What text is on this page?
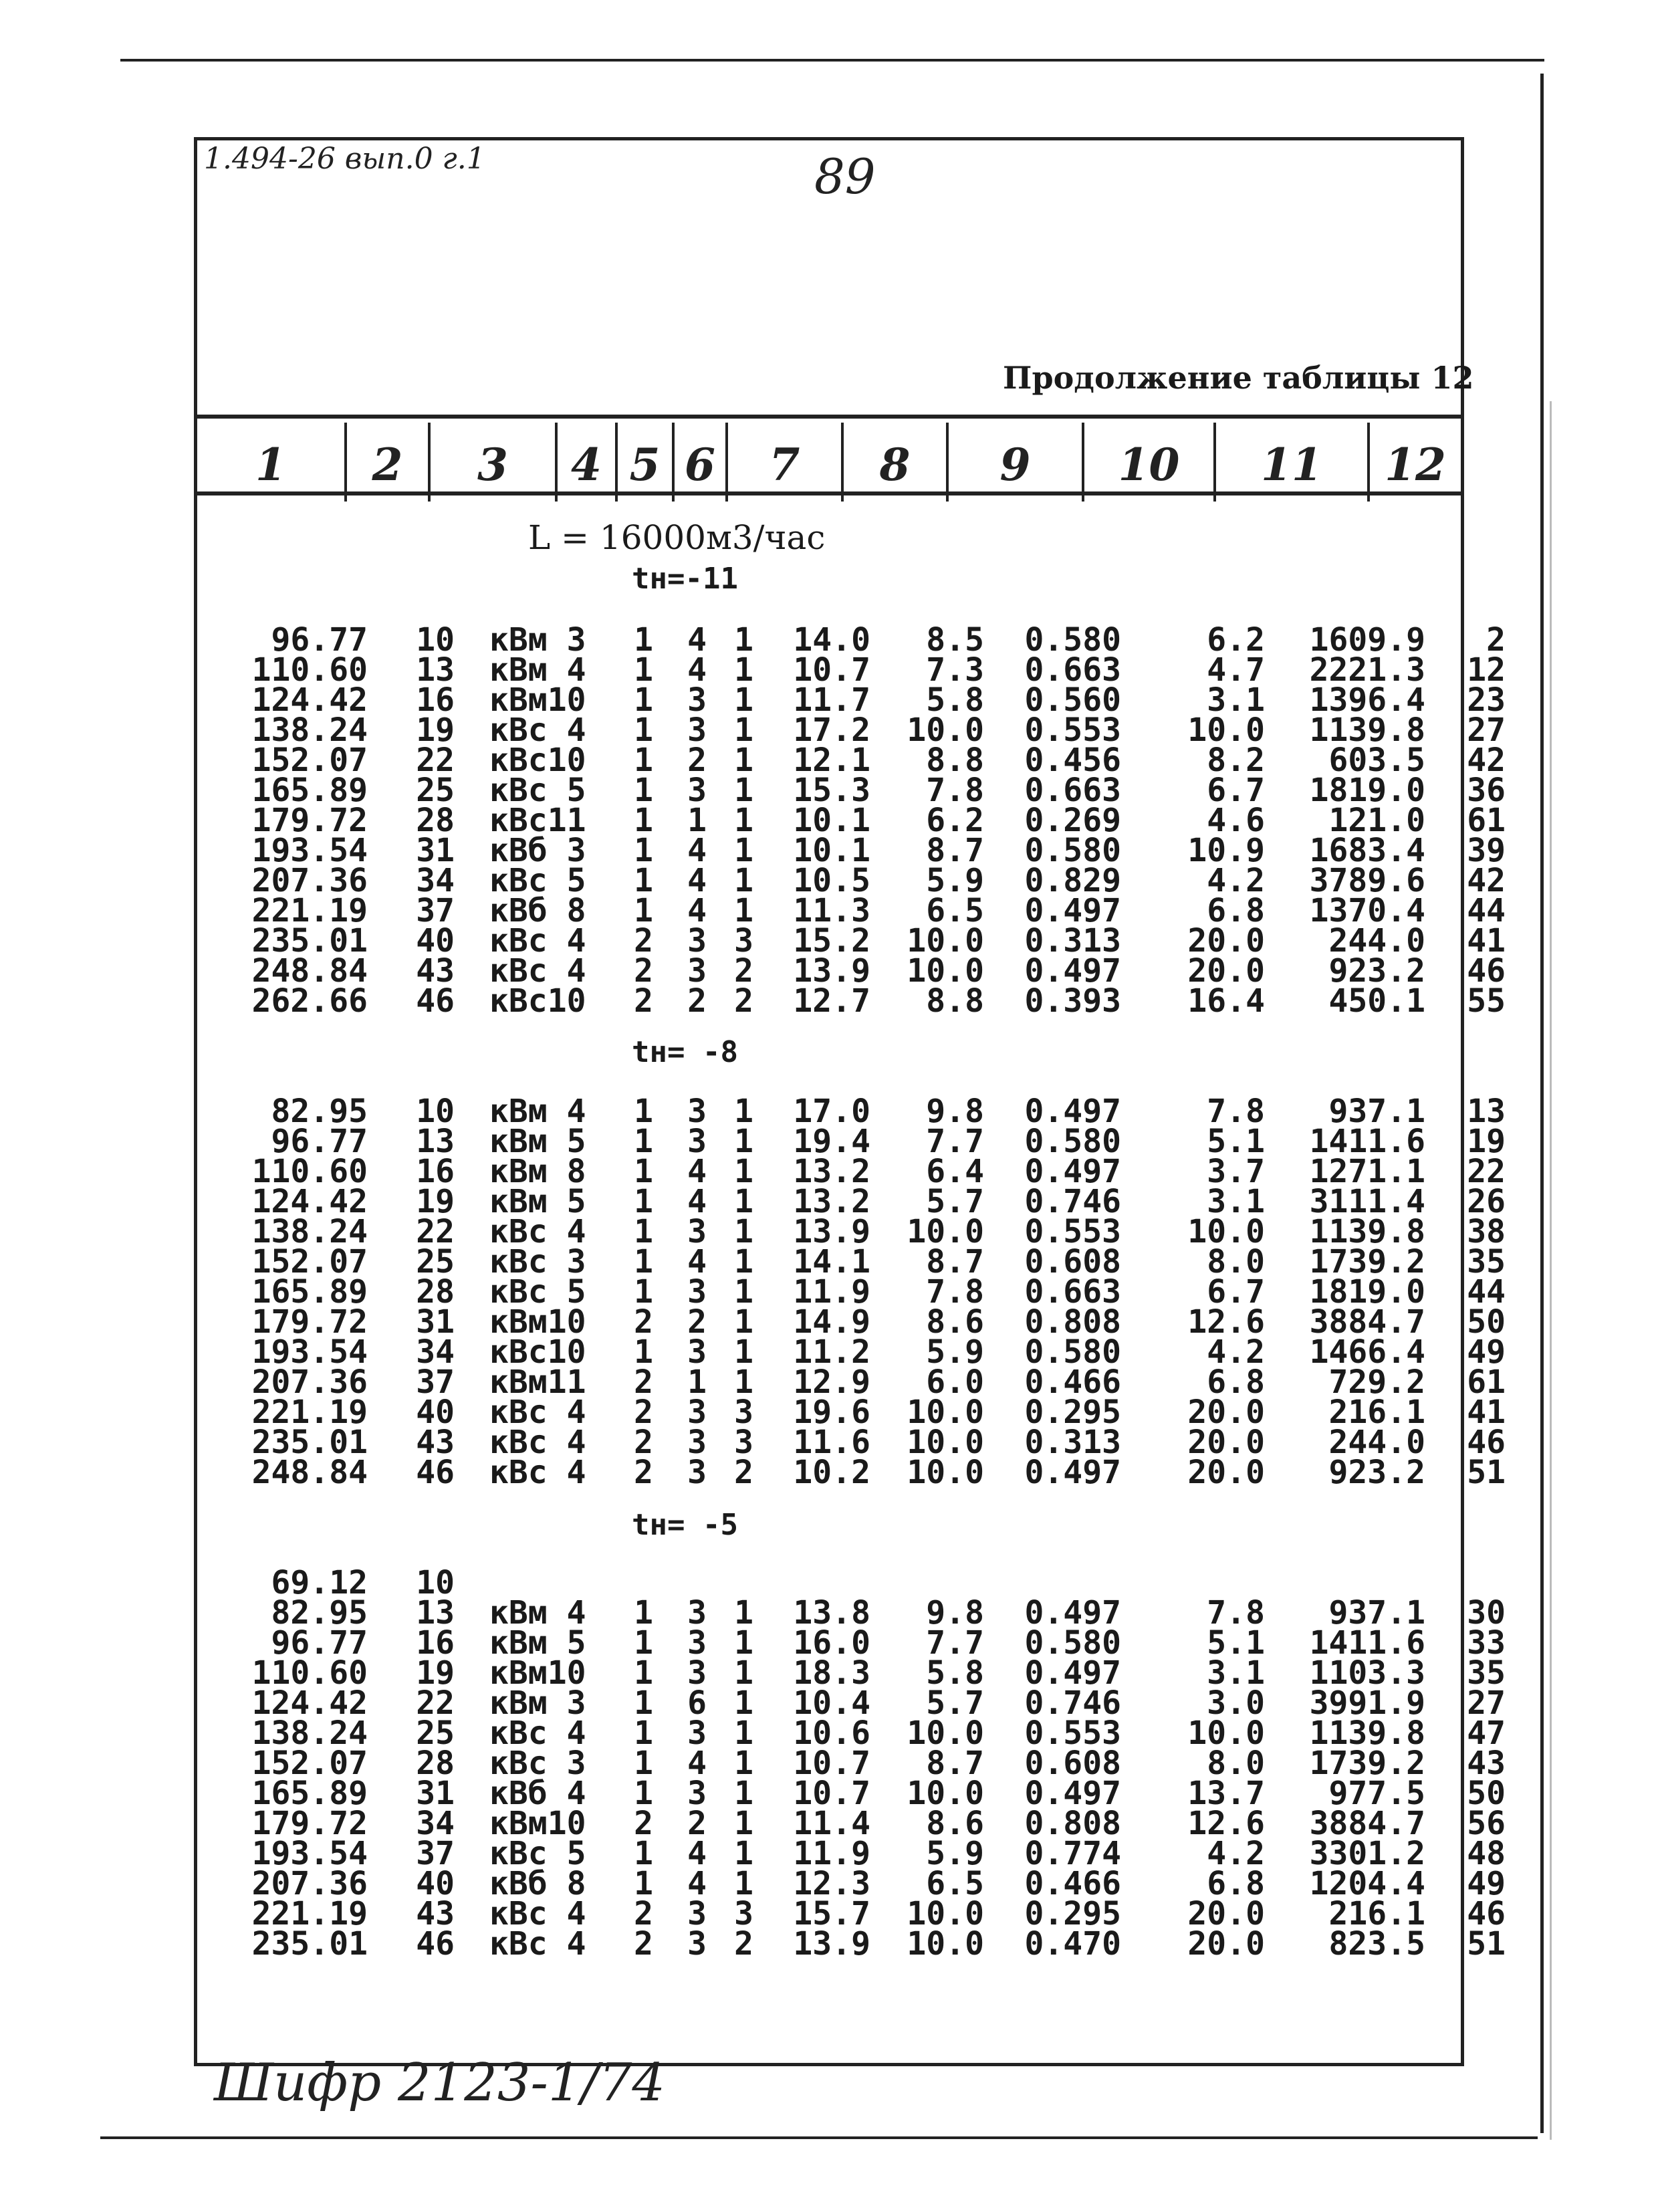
1.494-26 вып.0 г.1	89
Продолжение таблицы 12
1	2	3	4 5 6	7	8	9	10	11	12
L = 16000м3/час
tн=-11
tн= -8
tн= -5
96.77	10	кВм 3	1	4	1	14.0	8.5	0.580	6.2	1609.9	2
110.60	13	кВм 4	1	4	1	10.7	7.3	0.663	4.7	2221.3	12
124.42	16	кВм10	1	3	1	11.7	5.8	0.560	3.1	1396.4	23
138.24	19	кВс 4	1	3	1	17.2	10.0	0.553	10.0	1139.8	27
152.07	22	кВс10	1	2	1	12.1	8.8	0.456	8.2	603.5	42
165.89	25	кВс 5	1	3	1	15.3	7.8	0.663	6.7	1819.0	36
179.72	28	кВс11	1	1	1	10.1	6.2	0.269	4.6	121.0	61
193.54	31	кВб 3	1	4	1	10.1	8.7	0.580	10.9	1683.4	39
207.36	34	кВс 5	1	4	1	10.5	5.9	0.829	4.2	3789.6	42
221.19	37	кВб 8	1	4	1	11.3	6.5	0.497	6.8	1370.4	44
235.01	40	кВс 4	2	3	3	15.2	10.0	0.313	20.0	244.0	41
248.84	43	кВс 4	2	3	2	13.9	10.0	0.497	20.0	923.2	46
262.66	46	кВс10	2	2	2	12.7	8.8	0.393	16.4	450.1	55
82.95	10	кВм 4	1	3	1	17.0	9.8	0.497	7.8	937.1	13
96.77	13	кВм 5	1	3	1	19.4	7.7	0.580	5.1	1411.6	19
110.60	16	кВм 8	1	4	1	13.2	6.4	0.497	3.7	1271.1	22
124.42	19	кВм 5	1	4	1	13.2	5.7	0.746	3.1	3111.4	26
138.24	22	кВс 4	1	3	1	13.9	10.0	0.553	10.0	1139.8	38
152.07	25	кВс 3	1	4	1	14.1	8.7	0.608	8.0	1739.2	35
165.89	28	кВс 5	1	3	1	11.9	7.8	0.663	6.7	1819.0	44
179.72	31	кВм10	2	2	1	14.9	8.6	0.808	12.6	3884.7	50
193.54	34	кВс10	1	3	1	11.2	5.9	0.580	4.2	1466.4	49
207.36	37	кВм11	2	1	1	12.9	6.0	0.466	6.8	729.2	61
221.19	40	кВс 4	2	3	3	19.6	10.0	0.295	20.0	216.1	41
235.01	43	кВс 4	2	3	3	11.6	10.0	0.313	20.0	244.0	46
248.84	46	кВс 4	2	3	2	10.2	10.0	0.497	20.0	923.2	51
69.12	10										
82.95	13	кВм 4	1	3	1	13.8	9.8	0.497	7.8	937.1	30
96.77	16	кВм 5	1	3	1	16.0	7.7	0.580	5.1	1411.6	33
110.60	19	кВм10	1	3	1	18.3	5.8	0.497	3.1	1103.3	35
124.42	22	кВм 3	1	6	1	10.4	5.7	0.746	3.0	3991.9	27
138.24	25	кВс 4	1	3	1	10.6	10.0	0.553	10.0	1139.8	47
152.07	28	кВс 3	1	4	1	10.7	8.7	0.608	8.0	1739.2	43
165.89	31	кВб 4	1	3	1	10.7	10.0	0.497	13.7	977.5	50
179.72	34	кВм10	2	2	1	11.4	8.6	0.808	12.6	3884.7	56
193.54	37	кВс 5	1	4	1	11.9	5.9	0.774	4.2	3301.2	48
207.36	40	кВб 8	1	4	1	12.3	6.5	0.466	6.8	1204.4	49
221.19	43	кВс 4	2	3	3	15.7	10.0	0.295	20.0	216.1	46
235.01	46	кВс 4	2	3	2	13.9	10.0	0.470	20.0	823.5	51
Шифр 2123-1/74
